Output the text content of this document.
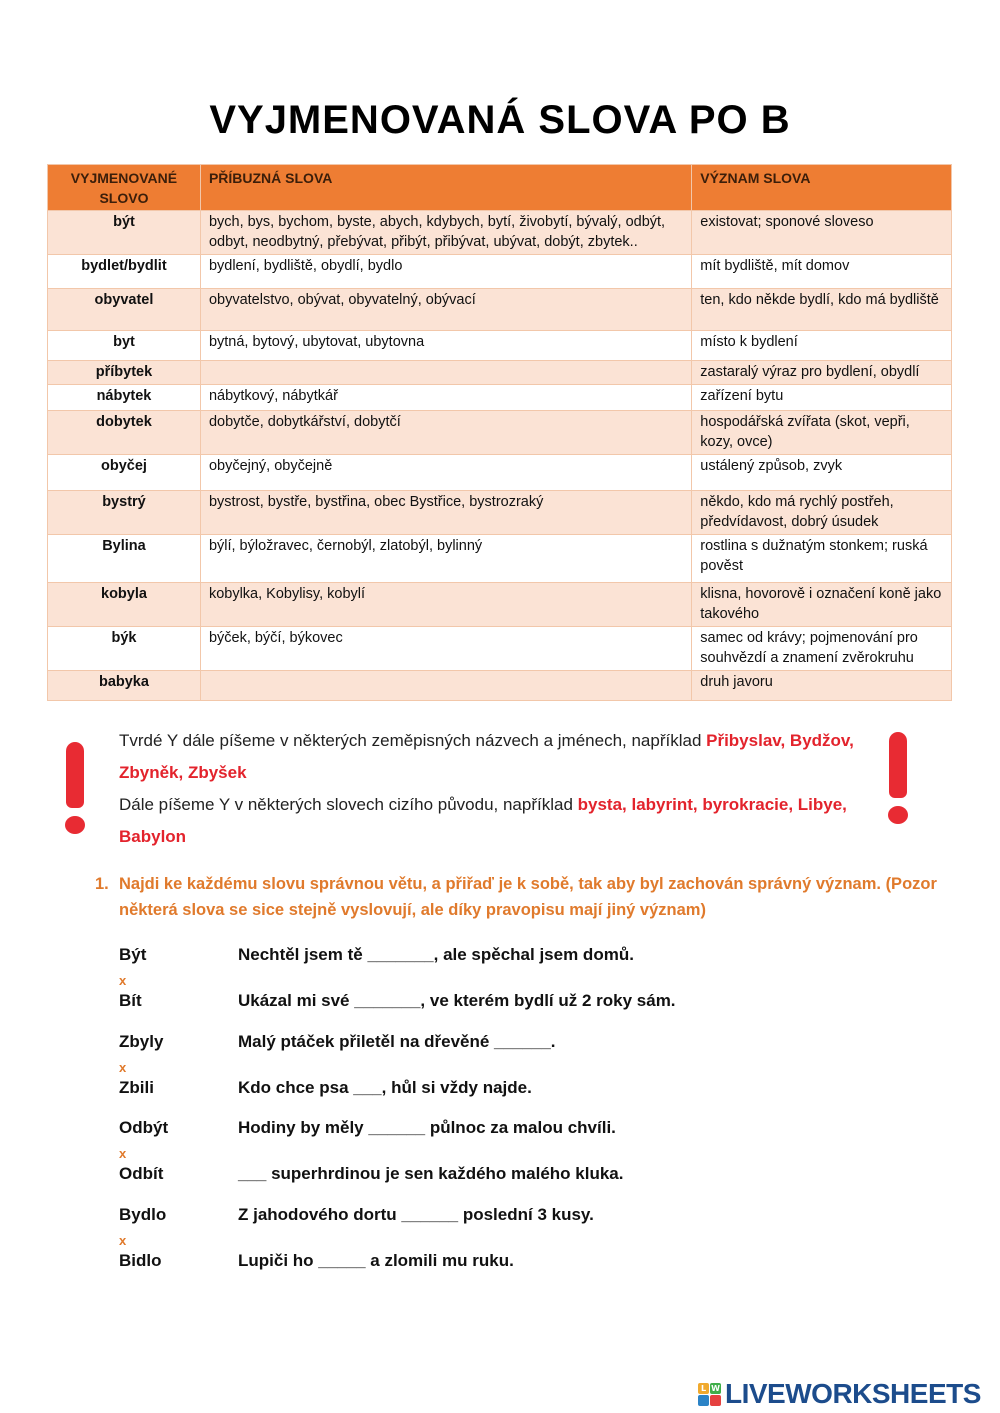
VYJMENOVANÁ SLOVA PO B
VYJMENOVANÉ SLOVO	PŘÍBUZNÁ SLOVA	VÝZNAM SLOVA
být	bych, bys, bychom, byste, abych, kdybych, bytí, živobytí, bývalý, odbýt, odbyt, neodbytný, přebývat, přibýt, přibývat, ubývat, dobýt, zbytek..	existovat; sponové sloveso
bydlet/bydlit	bydlení, bydliště, obydlí, bydlo	mít bydliště, mít domov
obyvatel	obyvatelstvo, obývat, obyvatelný, obývací	ten, kdo někde bydlí, kdo má bydliště
byt	bytná, bytový, ubytovat, ubytovna	místo k bydlení
příbytek		zastaralý výraz pro bydlení, obydlí
nábytek	nábytkový, nábytkář	zařízení bytu
dobytek	dobytče, dobytkářství, dobytčí	hospodářská zvířata (skot, vepři, kozy, ovce)
obyčej	obyčejný, obyčejně	ustálený způsob, zvyk
bystrý	bystrost, bystře, bystřina, obec Bystřice, bystrozraký	někdo, kdo má rychlý postřeh, předvídavost, dobrý úsudek
Bylina	býlí, býložravec, černobýl, zlatobýl, bylinný	rostlina s dužnatým stonkem; ruská pověst
kobyla	kobylka, Kobylisy, kobylí	klisna, hovorově i označení koně jako takového
býk	býček, býčí, býkovec	samec od krávy; pojmenování pro souhvězdí a znamení zvěrokruhu
babyka		druh javoru
Tvrdé Y dále píšeme v některých zeměpisných názvech a jménech, například Přibyslav, Bydžov, Zbyněk, Zbyšek
Dále píšeme Y v některých slovech cizího původu, například bysta, labyrint, byrokracie, Libye, Babylon
1. Najdi ke každému slovu správnou větu, a přiřaď je k sobě, tak aby byl zachován správný význam. (Pozor některá slova se sice stejně vyslovují, ale díky pravopisu mají jiný význam)
Být
x
Bít
Nechtěl jsem tě _______, ale spěchal jsem domů.
Ukázal mi své _______, ve kterém bydlí už 2 roky sám.
Zbyly
x
Zbili
Malý ptáček přiletěl na dřevěné ______.
Kdo chce psa ___, hůl si vždy najde.
Odbýt
x
Odbít
Hodiny by měly ______ půlnoc za malou chvíli.
___ superhrdinou je sen každého malého kluka.
Bydlo
x
Bidlo
Z jahodového dortu ______ poslední 3 kusy.
Lupiči ho _____ a zlomili mu ruku.
L W LIVEWORKSHEETS
